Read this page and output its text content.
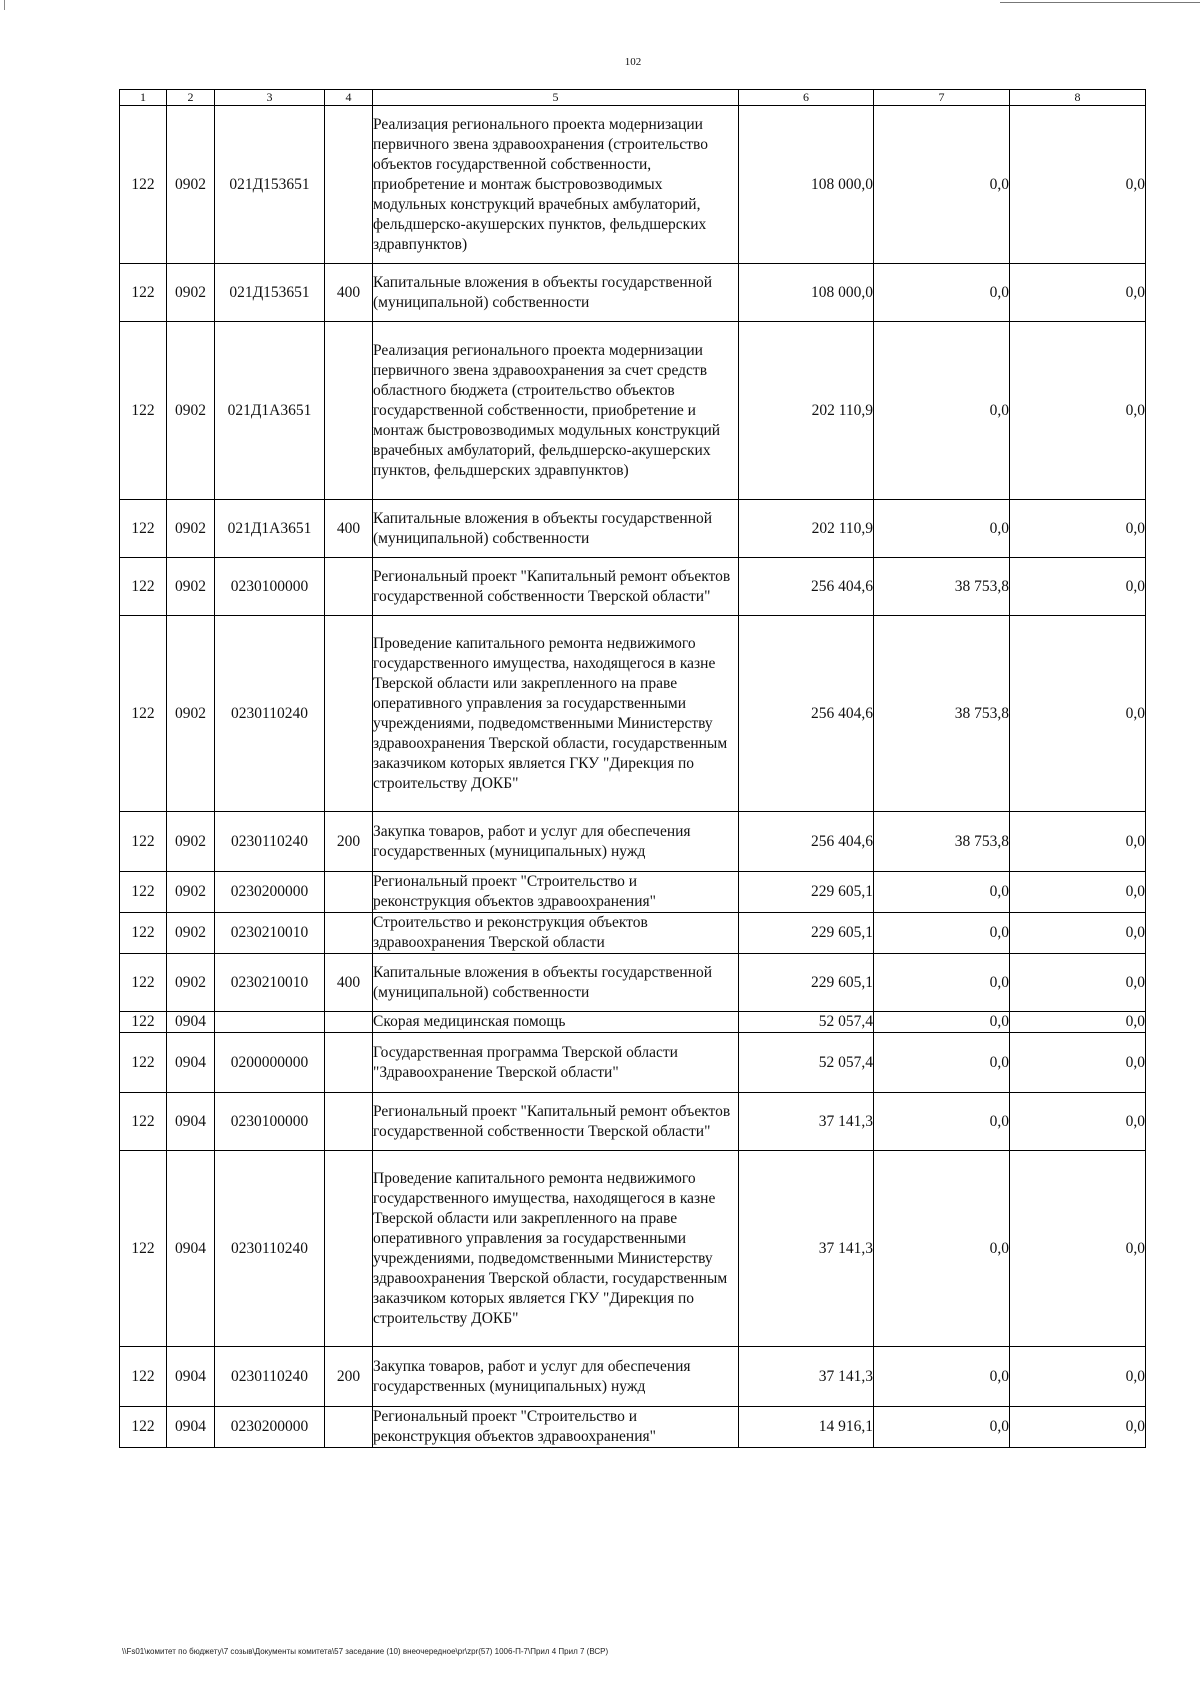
102
1	2	3	4	5	6	7	8
122	0902	021Д153651		Реализация регионального проекта модернизации первичного звена здравоохранения (строительство объектов государственной собственности, приобретение и монтаж быстровозводимых модульных конструкций врачебных амбулаторий, фельдшерско-акушерских пунктов, фельдшерских здравпунктов)	108 000,0	0,0	0,0
122	0902	021Д153651	400	Капитальные вложения в объекты государственной (муниципальной) собственности	108 000,0	0,0	0,0
122	0902	021Д1А3651		Реализация регионального проекта модернизации первичного звена здравоохранения за счет средств областного бюджета (строительство объектов государственной собственности, приобретение и монтаж быстровозводимых модульных конструкций врачебных амбулаторий, фельдшерско-акушерских пунктов, фельдшерских здравпунктов)	202 110,9	0,0	0,0
122	0902	021Д1А3651	400	Капитальные вложения в объекты государственной (муниципальной) собственности	202 110,9	0,0	0,0
122	0902	0230100000		Региональный проект "Капитальный ремонт объектов государственной собственности Тверской области"	256 404,6	38 753,8	0,0
122	0902	0230110240		Проведение капитального ремонта недвижимого государственного имущества, находящегося в казне Тверской области или закрепленного на праве оперативного управления за государственными учреждениями, подведомственными Министерству здравоохранения Тверской области, государственным заказчиком которых является ГКУ "Дирекция по строительству ДОКБ"	256 404,6	38 753,8	0,0
122	0902	0230110240	200	Закупка товаров, работ и услуг для обеспечения государственных (муниципальных) нужд	256 404,6	38 753,8	0,0
122	0902	0230200000		Региональный проект "Строительство и реконструкция объектов здравоохранения"	229 605,1	0,0	0,0
122	0902	0230210010		Строительство и реконструкция объектов здравоохранения Тверской области	229 605,1	0,0	0,0
122	0902	0230210010	400	Капитальные вложения в объекты государственной (муниципальной) собственности	229 605,1	0,0	0,0
122	0904			Скорая медицинская помощь	52 057,4	0,0	0,0
122	0904	0200000000		Государственная программа Тверской области "Здравоохранение Тверской области"	52 057,4	0,0	0,0
122	0904	0230100000		Региональный проект "Капитальный ремонт объектов государственной собственности Тверской области"	37 141,3	0,0	0,0
122	0904	0230110240		Проведение капитального ремонта недвижимого государственного имущества, находящегося в казне Тверской области или закрепленного на праве оперативного управления за государственными учреждениями, подведомственными Министерству здравоохранения Тверской области, государственным заказчиком которых является ГКУ "Дирекция по строительству ДОКБ"	37 141,3	0,0	0,0
122	0904	0230110240	200	Закупка товаров, работ и услуг для обеспечения государственных (муниципальных) нужд	37 141,3	0,0	0,0
122	0904	0230200000		Региональный проект "Строительство и реконструкция объектов здравоохранения"	14 916,1	0,0	0,0
\\Fs01\комитет по бюджету\7 созыв\Документы комитета\57 заседание (10) внеочередное\pr\zpr(57) 1006-П-7\Прил 4 Прил 7 (ВСР)
